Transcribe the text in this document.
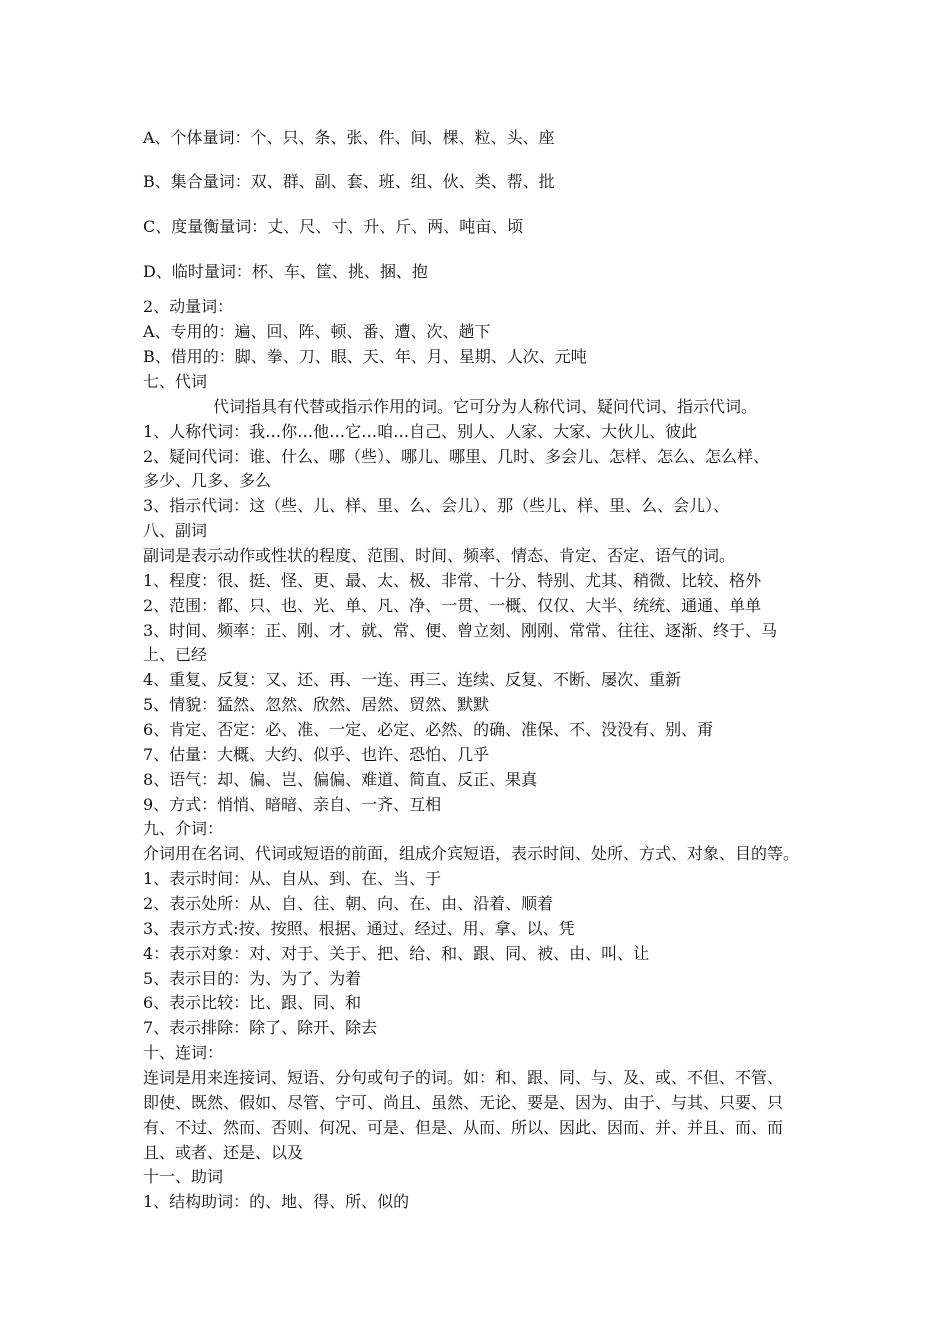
A、个体量词：个、只、条、张、件、间、棵、粒、头、座
B、集合量词：双、群、副、套、班、组、伙、类、帮、批
C、度量衡量词：丈、尺、寸、升、斤、两、吨亩、顷
D、临时量词：杯、车、筐、挑、捆、抱
2、动量词：
A、专用的：遍、回、阵、顿、番、遭、次、趟下
B、借用的：脚、拳、刀、眼、天、年、月、星期、人次、元吨
七、代词
代词指具有代替或指示作用的词。它可分为人称代词、疑问代词、指示代词。
1、人称代词：我…你…他…它…咱…自己、别人、人家、大家、大伙儿、彼此
2、疑问代词：谁、什么、哪（些）、哪儿、哪里、几时、多会儿、怎样、怎么、怎么样、
多少、几多、多么
3、指示代词：这（些、儿、样、里、么、会儿）、那（些儿、样、里、么、会儿）、
八、副词
副词是表示动作或性状的程度、范围、时间、频率、情态、肯定、否定、语气的词。
1、程度：很、挺、怪、更、最、太、极、非常、十分、特别、尤其、稍微、比较、格外
2、范围：都、只、也、光、单、凡、净、一贯、一概、仅仅、大半、统统、通通、单单
3、时间、频率：正、刚、才、就、常、便、曾立刻、刚刚、常常、往往、逐渐、终于、马
上、已经
4、重复、反复：又、还、再、一连、再三、连续、反复、不断、屡次、重新
5、情貌：猛然、忽然、欣然、居然、贸然、默默
6、肯定、否定：必、准、一定、必定、必然、的确、准保、不、没没有、别、甭
7、估量：大概、大约、似乎、也许、恐怕、几乎
8、语气：却、偏、岂、偏偏、难道、简直、反正、果真
9、方式：悄悄、暗暗、亲自、一齐、互相
九、介词：
介词用在名词、代词或短语的前面，组成介宾短语，表示时间、处所、方式、对象、目的等。
1、表示时间：从、自从、到、在、当、于
2、表示处所：从、自、往、朝、向、在、由、沿着、顺着
3、表示方式:按、按照、根据、通过、经过、用、拿、以、凭
4：表示对象：对、对于、关于、把、给、和、跟、同、被、由、叫、让
5、表示目的：为、为了、为着
6、表示比较：比、跟、同、和
7、表示排除：除了、除开、除去
十、连词：
连词是用来连接词、短语、分句或句子的词。如：和、跟、同、与、及、或、不但、不管、
即使、既然、假如、尽管、宁可、尚且、虽然、无论、要是、因为、由于、与其、只要、只
有、不过、然而、否则、何况、可是、但是、从而、所以、因此、因而、并、并且、而、而
且、或者、还是、以及
十一、助词
1、结构助词：的、地、得、所、似的
